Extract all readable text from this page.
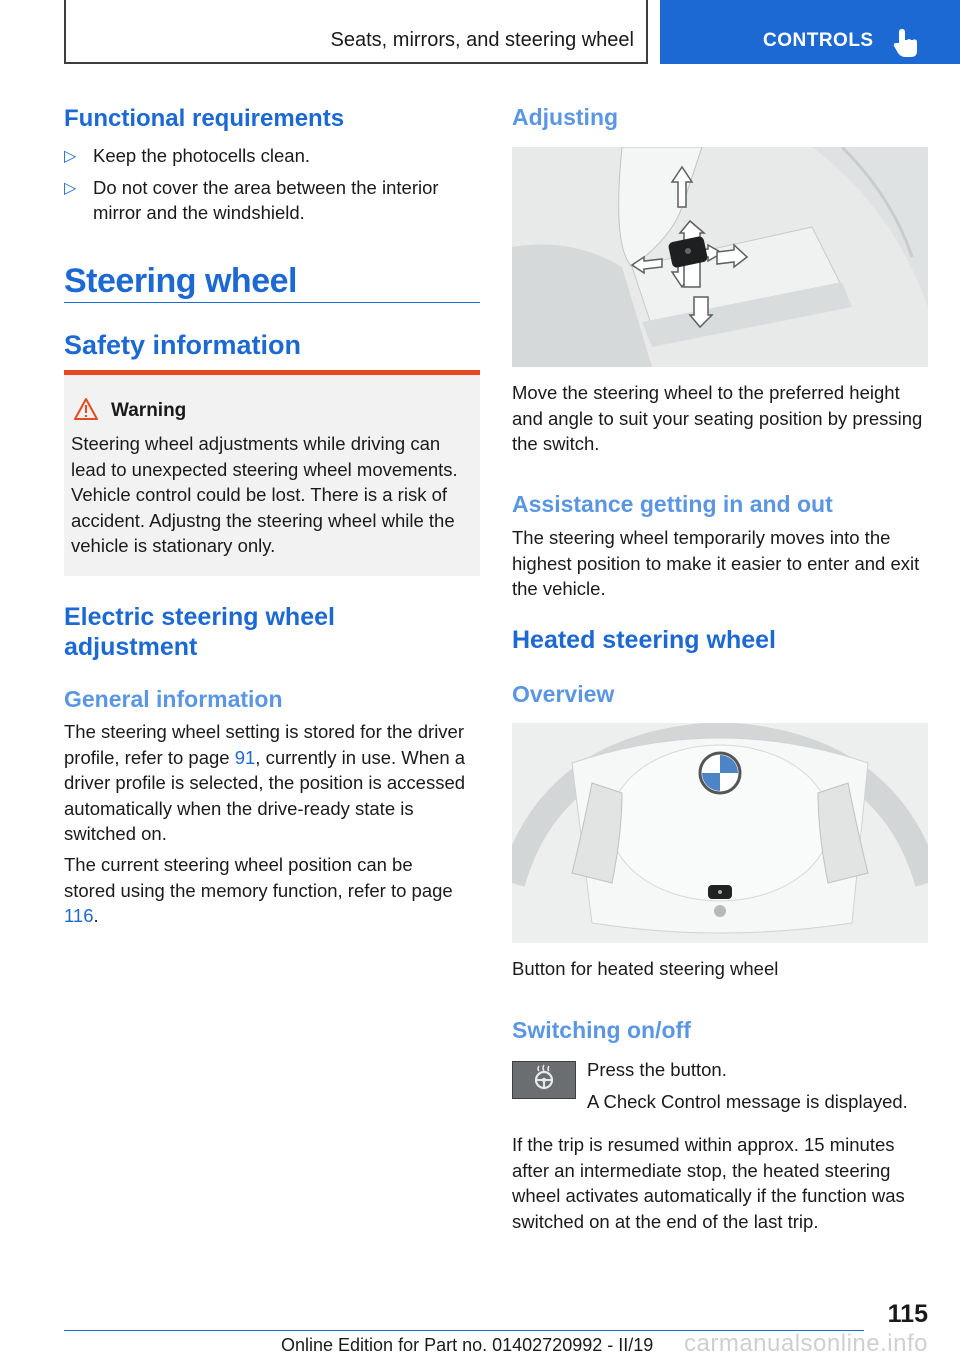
Seats, mirrors, and steering wheel	CONTROLS
Functional requirements
▷ Keep the photocells clean.
▷ Do not cover the area between the interior mirror and the windshield.
Steering wheel
Safety information
Warning
Steering wheel adjustments while driving can lead to unexpected steering wheel movements. Vehicle control could be lost. There is a risk of accident. Adjustng the steering wheel while the vehicle is stationary only.
Electric steering wheel adjustment
General information
The steering wheel setting is stored for the driver profile, refer to page 91, currently in use. When a driver profile is selected, the position is accessed automatically when the drive-ready state is switched on.
The current steering wheel position can be stored using the memory function, refer to page 116.
Adjusting
Move the steering wheel to the preferred height and angle to suit your seating position by pressing the switch.
Assistance getting in and out
The steering wheel temporarily moves into the highest position to make it easier to enter and exit the vehicle.
Heated steering wheel
Overview
Button for heated steering wheel
Switching on/off
Press the button.
A Check Control message is displayed.
If the trip is resumed within approx. 15 minutes after an intermediate stop, the heated steering wheel activates automatically if the function was switched on at the end of the last trip.
115
Online Edition for Part no. 01402720992 - II/19 carmanualsonline.info
